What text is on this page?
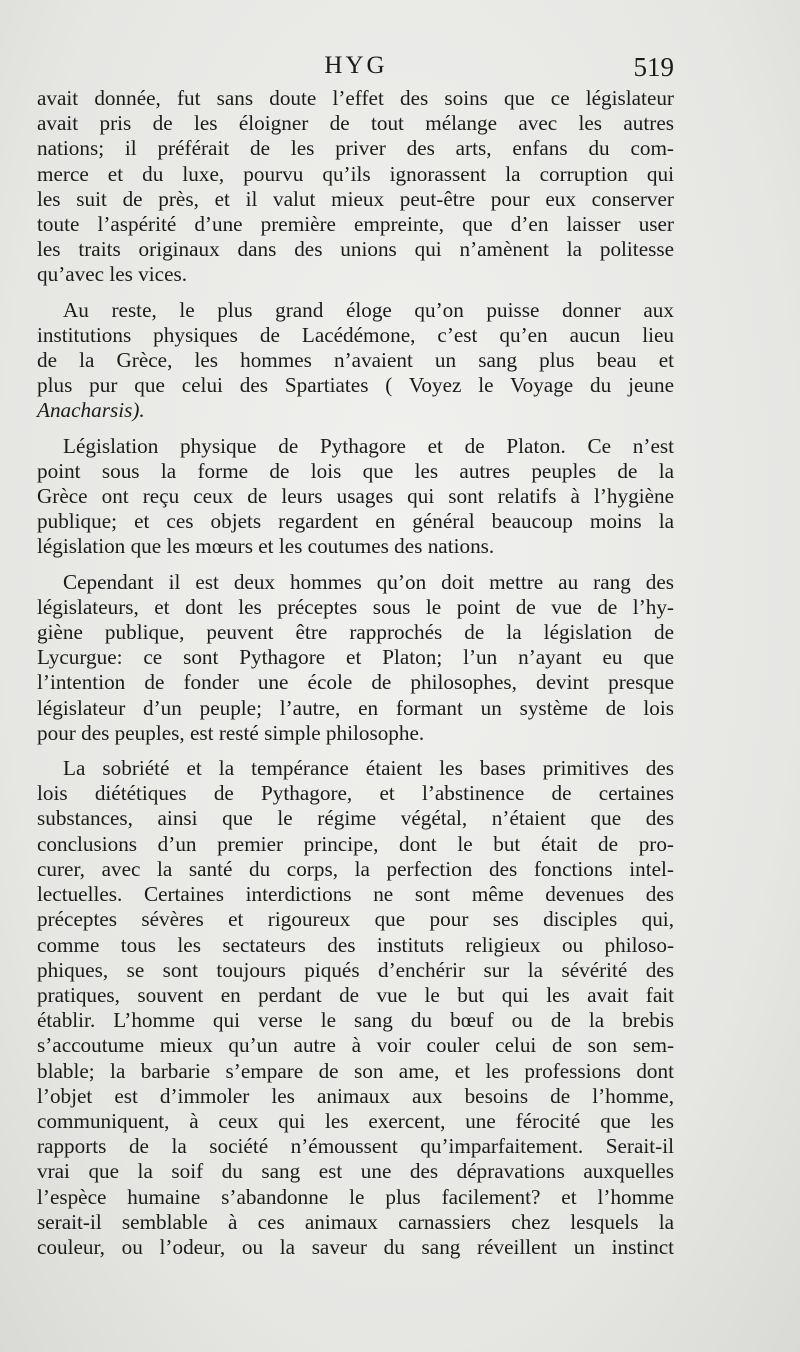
HYG	519
avait donnée, fut sans doute l’effet des soins que ce législateur
avait pris de les éloigner de tout mélange avec les autres
nations; il préférait de les priver des arts, enfans du com-
merce et du luxe, pourvu qu’ils ignorassent la corruption qui
les suit de près, et il valut mieux peut-être pour eux conserver
toute l’aspérité d’une première empreinte, que d’en laisser user
les traits originaux dans des unions qui n’amènent la politesse
qu’avec les vices.
Au reste, le plus grand éloge qu’on puisse donner aux
institutions physiques de Lacédémone, c’est qu’en aucun lieu
de la Grèce, les hommes n’avaient un sang plus beau et
plus pur que celui des Spartiates ( Voyez le Voyage du jeune
Anacharsis).
Législation physique de Pythagore et de Platon. Ce n’est
point sous la forme de lois que les autres peuples de la
Grèce ont reçu ceux de leurs usages qui sont relatifs à l’hygiène
publique; et ces objets regardent en général beaucoup moins la
législation que les mœurs et les coutumes des nations.
Cependant il est deux hommes qu’on doit mettre au rang des
législateurs, et dont les préceptes sous le point de vue de l’hy-
giène publique, peuvent être rapprochés de la législation de
Lycurgue: ce sont Pythagore et Platon; l’un n’ayant eu que
l’intention de fonder une école de philosophes, devint presque
législateur d’un peuple; l’autre, en formant un système de lois
pour des peuples, est resté simple philosophe.
La sobriété et la tempérance étaient les bases primitives des
lois diététiques de Pythagore, et l’abstinence de certaines
substances, ainsi que le régime végétal, n’étaient que des
conclusions d’un premier principe, dont le but était de pro-
curer, avec la santé du corps, la perfection des fonctions intel-
lectuelles. Certaines interdictions ne sont même devenues des
préceptes sévères et rigoureux que pour ses disciples qui,
comme tous les sectateurs des instituts religieux ou philoso-
phiques, se sont toujours piqués d’enchérir sur la sévérité des
pratiques, souvent en perdant de vue le but qui les avait fait
établir. L’homme qui verse le sang du bœuf ou de la brebis
s’accoutume mieux qu’un autre à voir couler celui de son sem-
blable; la barbarie s’empare de son ame, et les professions dont
l’objet est d’immoler les animaux aux besoins de l’homme,
communiquent, à ceux qui les exercent, une férocité que les
rapports de la société n’émoussent qu’imparfaitement. Serait-il
vrai que la soif du sang est une des dépravations auxquelles
l’espèce humaine s’abandonne le plus facilement? et l’homme
serait-il semblable à ces animaux carnassiers chez lesquels la
couleur, ou l’odeur, ou la saveur du sang réveillent un instinct
